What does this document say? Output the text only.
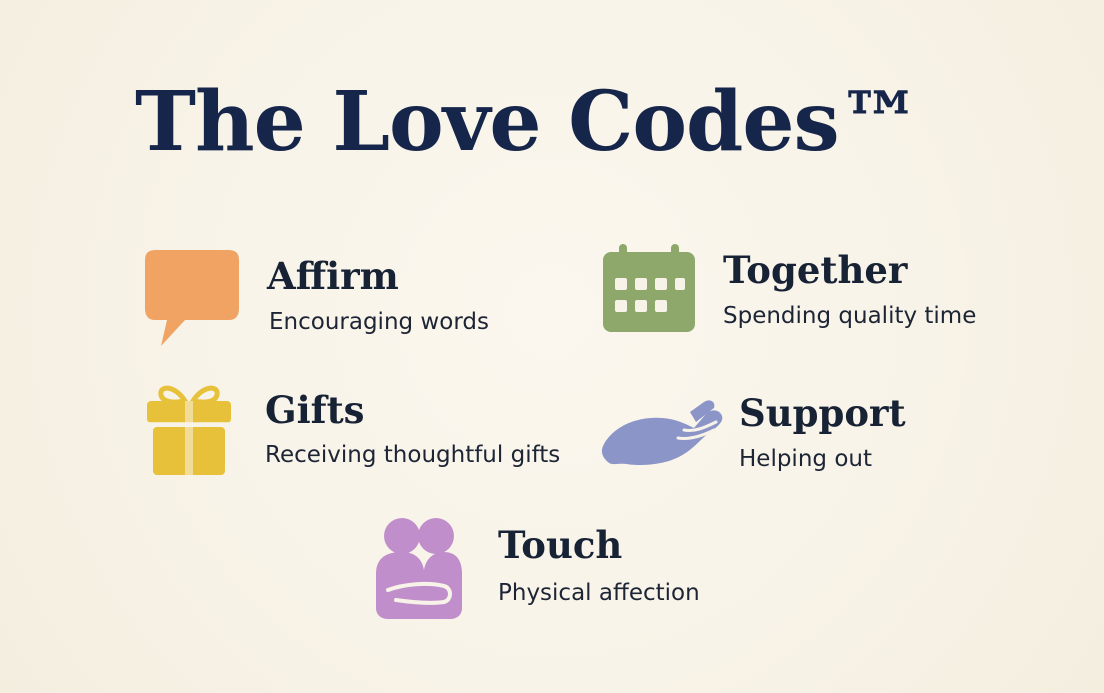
The Love Codes™
Affirm
Encouraging words
Together
Spending quality time
Gifts
Receiving thoughtful gifts
Support
Helping out
Touch
Physical affection
